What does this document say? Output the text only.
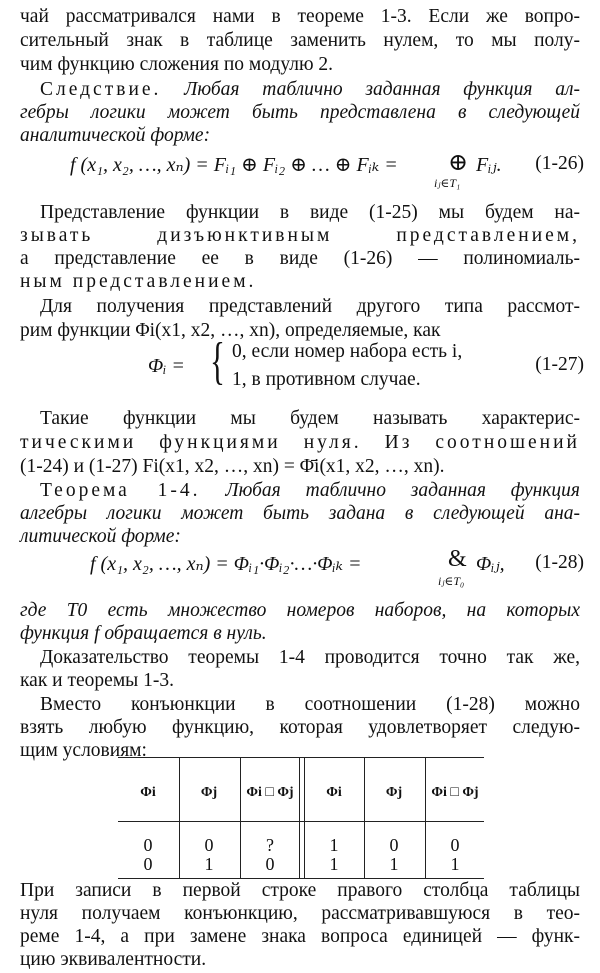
чай рассматривался нами в теореме 1-3. Если же вопро-
сительный знак в таблице заменить нулем, то мы полу-
чим функцию сложения по модулю 2.
Следствие. Любая таблично заданная функция ал-
гебры логики может быть представлена в следующей
аналитической форме:
f (x₁, x₂, …, xₙ) = Fᵢ₁ ⊕ Fᵢ₂ ⊕ … ⊕ Fᵢₖ = ⊕
iⱼ∈T₁
Fᵢⱼ. (1-26)
Представление функции в виде (1-25) мы будем на-
зывать дизъюнктивным представлением,
а представление ее в виде (1-26) — полиномиаль-
ным представлением.
Для получения представлений другого типа рассмот-
рим функции Φi(x1, x2, …, xn), определяемые, как
Φᵢ = { 0, если номер набора есть i,
1, в противном случае.
(1-27)
Такие функции мы будем называть характерис-
тическими функциями нуля. Из соотношений
(1-24) и (1-27) Fi(x1, x2, …, xn) = Φ̄i(x1, x2, …, xn).
Теорема 1-4. Любая таблично заданная функция
алгебры логики может быть задана в следующей ана-
литической форме:
f (x₁, x₂, …, xₙ) = Φᵢ₁·Φᵢ₂·…·Φᵢₖ =	&
iⱼ∈T₀
Φᵢⱼ, (1-28)
где T0 есть множество номеров наборов, на которых
функция f обращается в нуль.
Доказательство теоремы 1-4 проводится точно так же,
как и теоремы 1-3.
Вместо конъюнкции в соотношении (1-28) можно
взять любую функцию, которая удовлетворяет следую-
щим условиям:
Φi	Φj	Φi □ Φj	Φi	Φj	Φi □ Φj
0	0	?	1	0	0
0	1	0	1	1	1
При записи в первой строке правого столбца таблицы
нуля получаем конъюнкцию, рассматривавшуюся в тео-
реме 1-4, а при замене знака вопроса единицей — функ-
цию эквивалентности.
